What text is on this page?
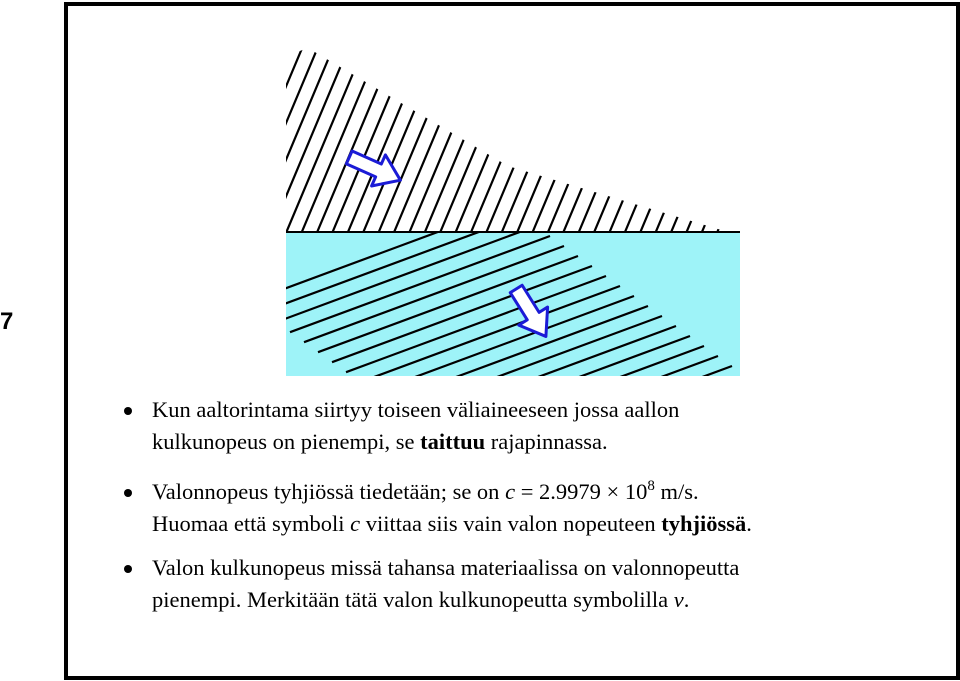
7
Kun aaltorintama siirtyy toiseen väliaineeseen jossa aallon
kulkunopeus on pienempi, se taittuu rajapinnassa.
Valonnopeus tyhjiössä tiedetään; se on $c = 2.9979 \times 10^8$ m/s.
Huomaa että symboli c viittaa siis vain valon nopeuteen tyhjiössä.
Valon kulkunopeus missä tahansa materiaalissa on valonnopeutta
pienempi. Merkitään tätä valon kulkunopeutta symbolilla v.
